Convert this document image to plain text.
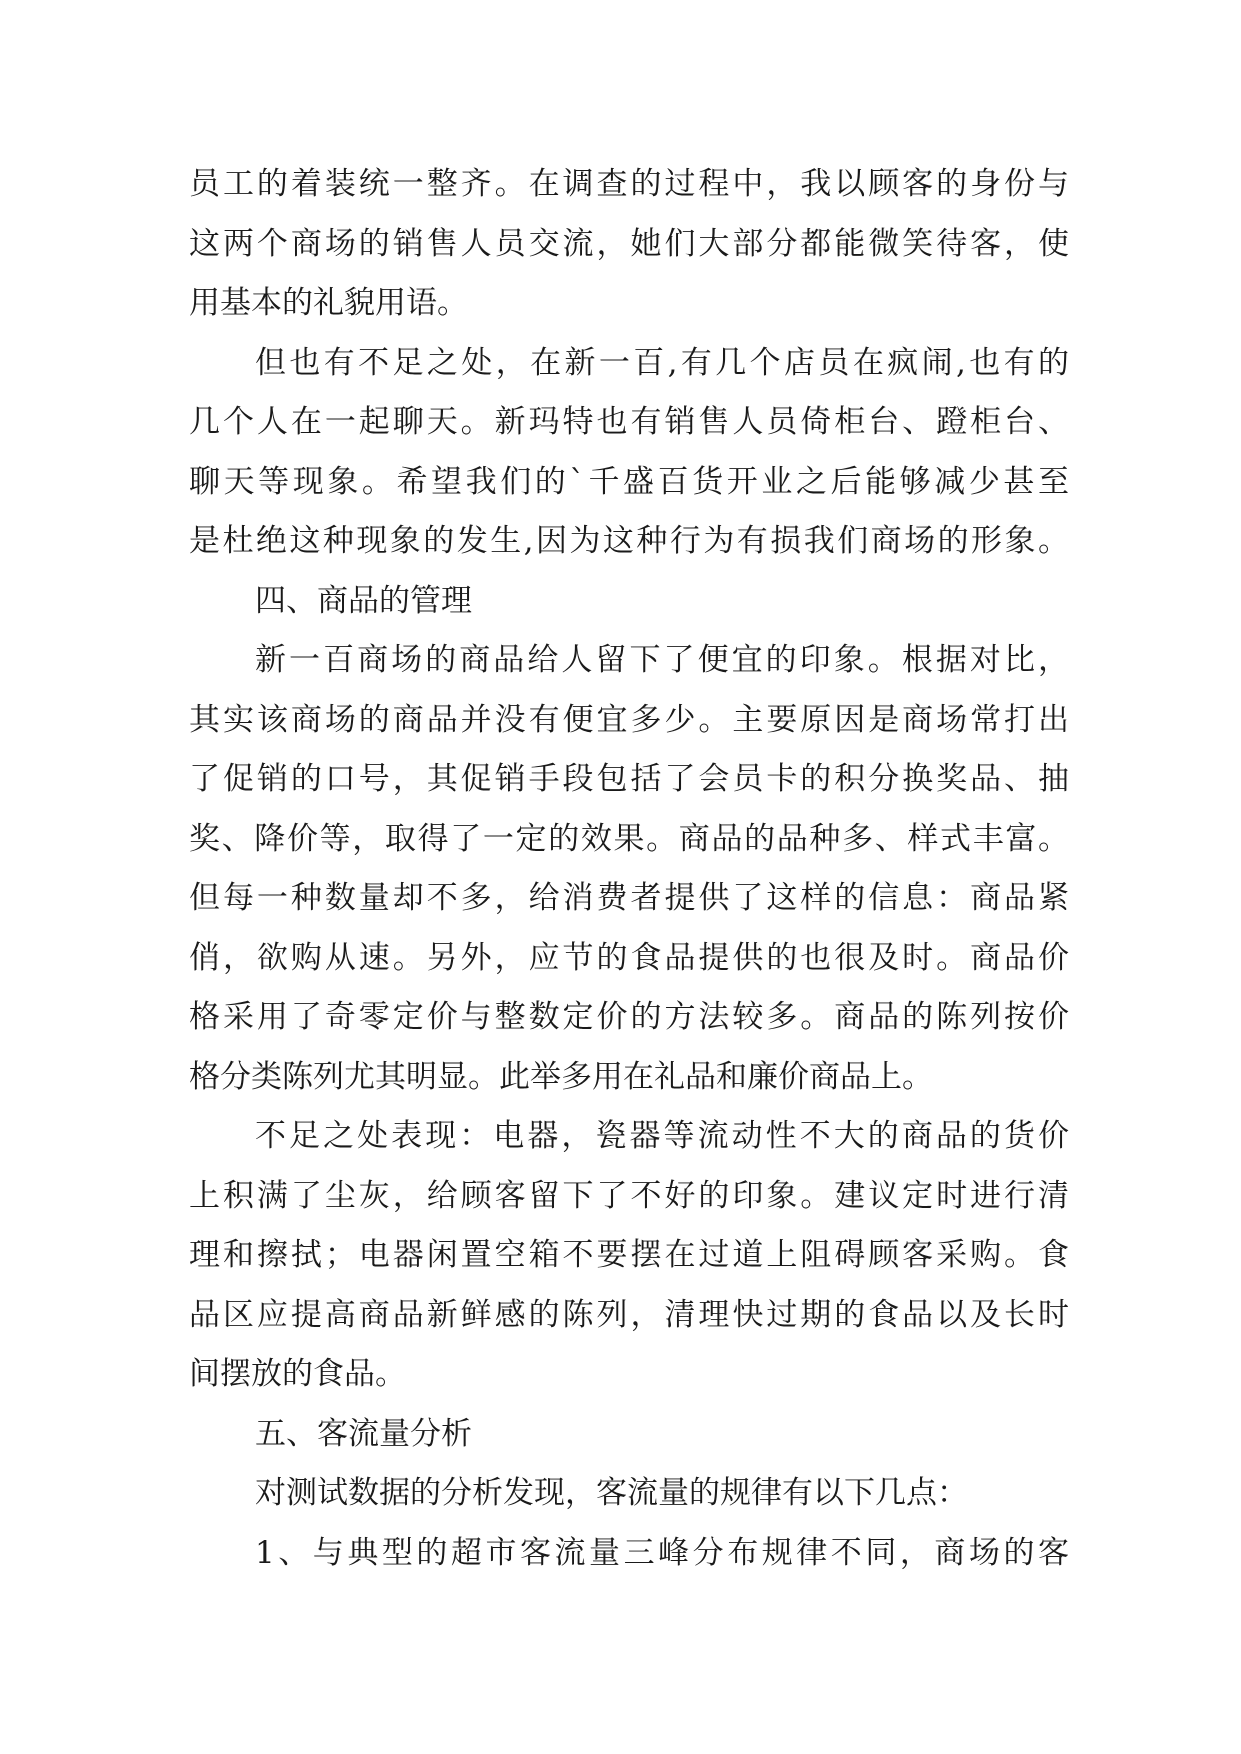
员工的着装统一整齐。在调查的过程中，我以顾客的身份与
这两个商场的销售人员交流，她们大部分都能微笑待客，使
用基本的礼貌用语。
但也有不足之处，在新一百,有几个店员在疯闹,也有的
几个人在一起聊天。新玛特也有销售人员倚柜台、蹬柜台、
聊天等现象。希望我们的`千盛百货开业之后能够减少甚至
是杜绝这种现象的发生,因为这种行为有损我们商场的形象。
四、商品的管理
新一百商场的商品给人留下了便宜的印象。根据对比，
其实该商场的商品并没有便宜多少。主要原因是商场常打出
了促销的口号，其促销手段包括了会员卡的积分换奖品、抽
奖、降价等，取得了一定的效果。商品的品种多、样式丰富。
但每一种数量却不多，给消费者提供了这样的信息：商品紧
俏，欲购从速。另外，应节的食品提供的也很及时。商品价
格采用了奇零定价与整数定价的方法较多。商品的陈列按价
格分类陈列尤其明显。此举多用在礼品和廉价商品上。
不足之处表现：电器，瓷器等流动性不大的商品的货价
上积满了尘灰，给顾客留下了不好的印象。建议定时进行清
理和擦拭；电器闲置空箱不要摆在过道上阻碍顾客采购。食
品区应提高商品新鲜感的陈列，清理快过期的食品以及长时
间摆放的食品。
五、客流量分析
对测试数据的分析发现，客流量的规律有以下几点：
1、与典型的超市客流量三峰分布规律不同，商场的客
